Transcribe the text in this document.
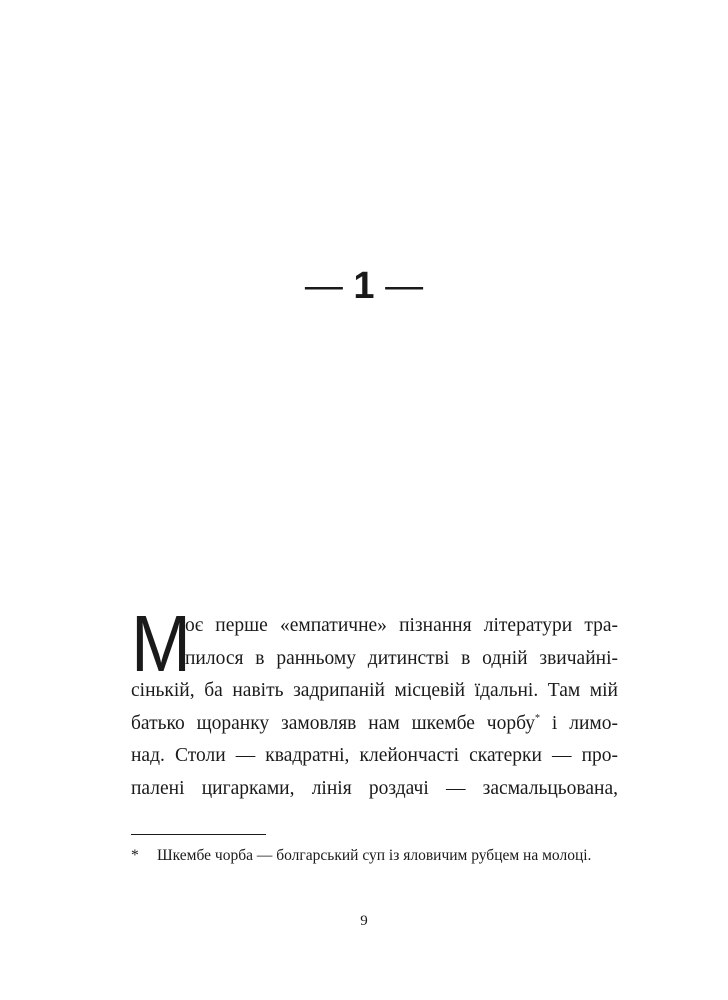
— 1 —
М
оє перше «емпатичне» пізнання літератури тра-
пилося в ранньому дитинстві в одній звичайні-
сінькій, ба навіть задрипаній місцевій їдальні. Там мій
батько щоранку замовляв нам шкембе чорбу* і лимо-
над. Столи — квадратні, клейончасті скатерки — про-
палені цигарками, лінія роздачі — засмальцьована,
* Шкембе чорба — болгарський суп із яловичим рубцем на молоці.
9
